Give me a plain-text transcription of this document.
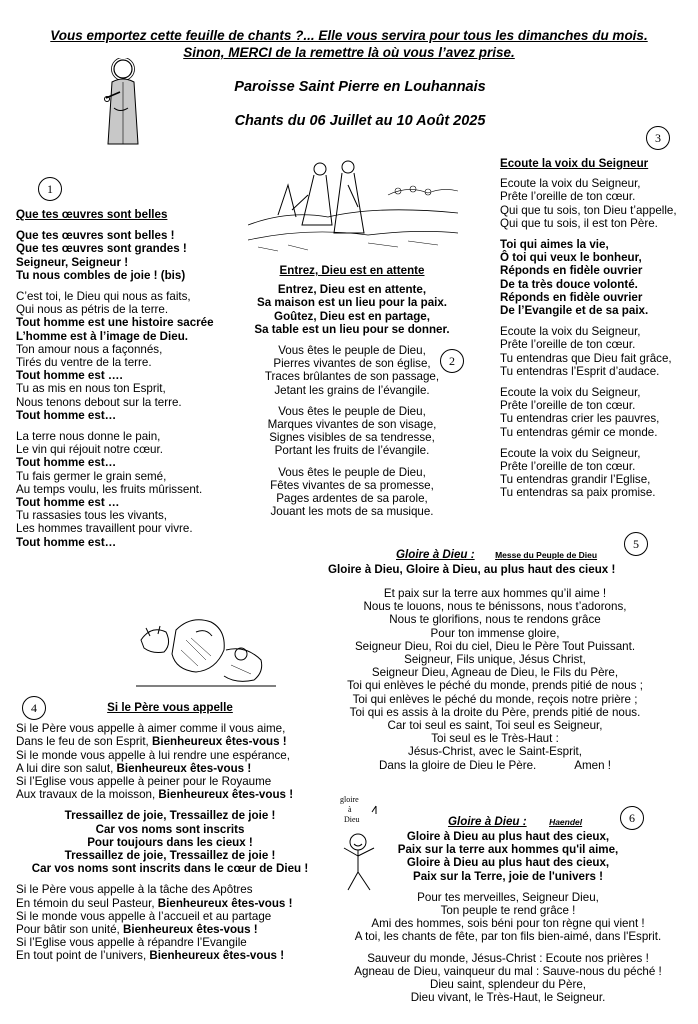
Vous emportez cette feuille de chants ?... Elle vous servira pour tous les dimanches du mois.

Sinon, MERCI de la remettre là où vous l’avez prise.

Paroisse Saint Pierre en Louhannais

Chants du 06 Juillet au 10 Août 2025

1

Que tes œuvres sont belles

Que tes œuvres sont belles !

Que tes œuvres sont grandes !

Seigneur, Seigneur !

Tu nous combles de joie ! (bis)

C’est toi, le Dieu qui nous as faits,

Qui nous as pétris de la terre.

Tout homme est une histoire sacrée

L’homme est à l’image de Dieu.

Ton amour nous a façonnés,

Tirés du ventre de la terre.

Tout homme est ….

Tu as mis en nous ton Esprit,

Nous tenons debout sur la terre.

Tout homme est…

La terre nous donne le pain,

Le vin qui réjouit notre cœur.

Tout homme est…

Tu fais germer le grain semé,

Au temps voulu, les fruits mûrissent.

Tout homme est …

Tu rassasies tous les vivants,

Les hommes travaillent pour vivre.

Tout homme est…

Entrez, Dieu est en attente

Entrez, Dieu est en attente,

Sa maison est un lieu pour la paix.

Goûtez, Dieu est en partage,

Sa table est un lieu pour se donner.

Vous êtes le peuple de Dieu,

Pierres vivantes de son église,

Traces brûlantes de son passage,

Jetant les grains de l’évangile.

Vous êtes le peuple de Dieu,

Marques vivantes de son visage,

Signes visibles de sa tendresse,

Portant les fruits de l’évangile.

Vous êtes le peuple de Dieu,

Fêtes vivantes de sa promesse,

Pages ardentes de sa parole,

Jouant les mots de sa musique.

2
3

Ecoute la voix du Seigneur

Ecoute la voix du Seigneur,

Prête l’oreille de ton cœur.

Qui que tu sois, ton Dieu t’appelle,

Qui que tu sois, il est ton Père.

Toi qui aimes la vie,

Ô toi qui veux le bonheur,

Réponds en fidèle ouvrier

De ta très douce volonté.

Réponds en fidèle ouvrier

De l’Evangile et de sa paix.

Ecoute la voix du Seigneur,

Prête l’oreille de ton cœur.

Tu entendras que Dieu fait grâce,

Tu entendras l’Esprit d’audace.

Ecoute la voix du Seigneur,

Prête l’oreille de ton cœur.

Tu entendras crier les pauvres,

Tu entendras gémir ce monde.

Ecoute la voix du Seigneur,

Prête l’oreille de ton cœur.

Tu entendras grandir l’Eglise,

Tu entendras sa paix promise.

Gloire à Dieu : Messe du Peuple de Dieu
5
Gloire à Dieu, Gloire à Dieu, au plus haut des cieux !

Et paix sur la terre aux hommes qu’il aime !

Nous te louons, nous te bénissons, nous t’adorons,

Nous te glorifions, nous te rendons grâce

Pour ton immense gloire,

Seigneur Dieu, Roi du ciel, Dieu le Père Tout Puissant.

Seigneur, Fils unique, Jésus Christ,

Seigneur Dieu, Agneau de Dieu, le Fils du Père,

Toi qui enlèves le péché du monde, prends pitié de nous ;

Toi qui enlèves le péché du monde, reçois notre prière ;

Toi qui es assis à la droite du Père, prends pitié de nous.

Car toi seul es saint, Toi seul es Seigneur,

Toi seul es le Très-Haut :

Jésus-Christ, avec le Saint-Esprit,

Dans la gloire de Dieu le Père.	Amen !

4	Si le Père vous appelle

Si le Père vous appelle à aimer comme il vous aime,

Dans le feu de son Esprit, Bienheureux êtes-vous !

Si le monde vous appelle à lui rendre une espérance,

A lui dire son salut, Bienheureux êtes-vous !

Si l’Eglise vous appelle à peiner pour le Royaume

Aux travaux de la moisson, Bienheureux êtes-vous !

Tressaillez de joie, Tressaillez de joie !

Car vos noms sont inscrits

Pour toujours dans les cieux !

Tressaillez de joie, Tressaillez de joie !

Car vos noms sont inscrits dans le cœur de Dieu !

Si le Père vous appelle à la tâche des Apôtres

En témoin du seul Pasteur, Bienheureux êtes-vous !

Si le monde vous appelle à l’accueil et au partage

Pour bâtir son unité, Bienheureux êtes-vous !

Si l’Eglise vous appelle à répandre l’Evangile

En tout point de l’univers, Bienheureux êtes-vous !

gloire
à
Dieu	Gloire à Dieu :	Haendel	6

Gloire à Dieu au plus haut des cieux,

Paix sur la terre aux hommes qu'il aime,

Gloire à Dieu au plus haut des cieux,

Paix sur la Terre, joie de l'univers !

Pour tes merveilles, Seigneur Dieu,

Ton peuple te rend grâce !

Ami des hommes, sois béni pour ton règne qui vient !

A toi, les chants de fête, par ton fils bien-aimé, dans l'Esprit.

Sauveur du monde, Jésus-Christ : Ecoute nos prières !

Agneau de Dieu, vainqueur du mal : Sauve-nous du péché !

Dieu saint, splendeur du Père,

Dieu vivant, le Très-Haut, le Seigneur.
